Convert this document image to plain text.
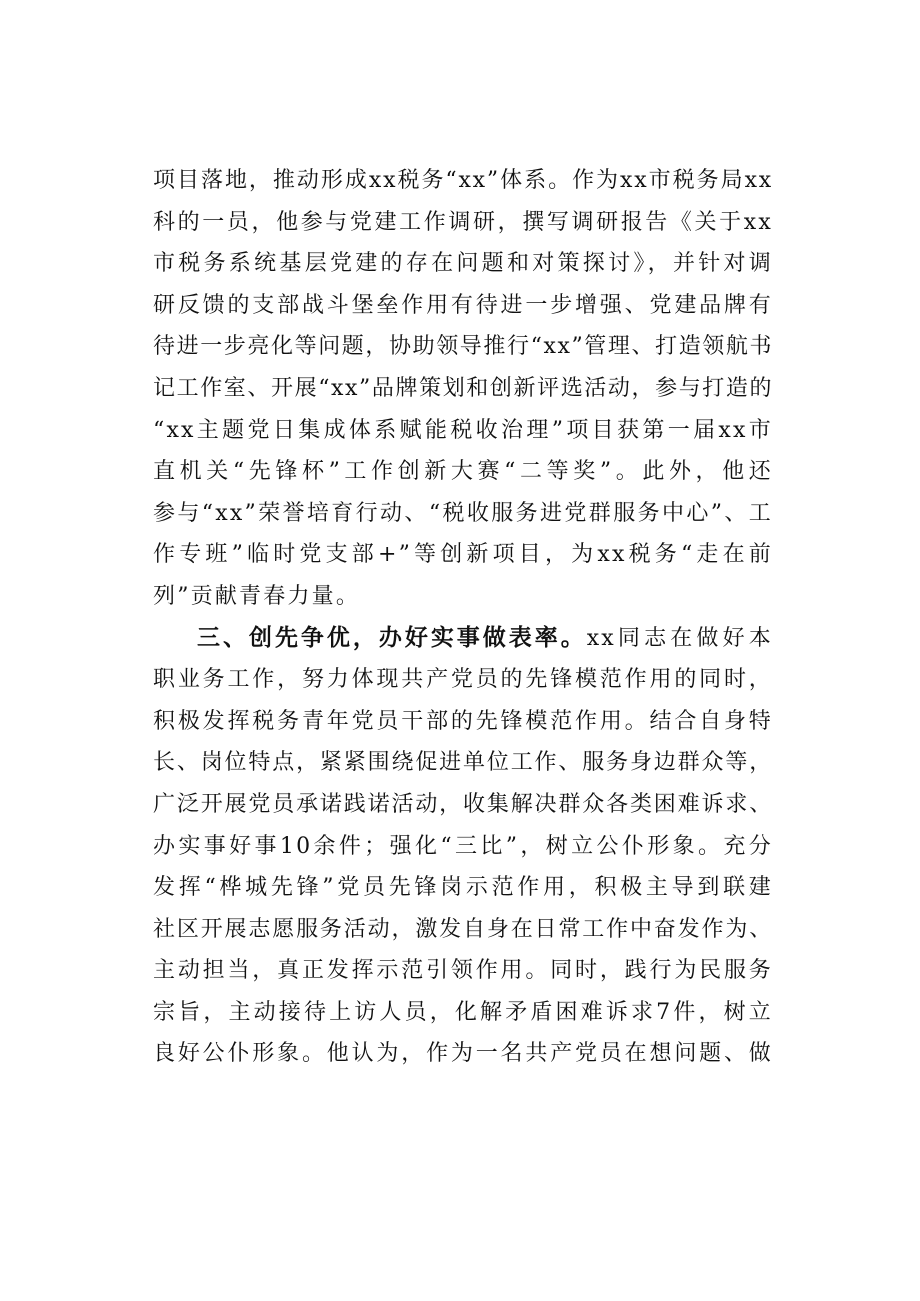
项目落地，推动形成xx税务“xx”体系。作为xx市税务局xx
科的一员，他参与党建工作调研，撰写调研报告《关于xx
市税务系统基层党建的存在问题和对策探讨》，并针对调
研反馈的支部战斗堡垒作用有待进一步增强、党建品牌有
待进一步亮化等问题，协助领导推行“xx”管理、打造领航书
记工作室、开展“xx”品牌策划和创新评选活动，参与打造的
“xx主题党日集成体系赋能税收治理”项目获第一届xx市
直机关“先锋杯”工作创新大赛“二等奖”。此外，他还
参与“xx”荣誉培育行动、“税收服务进党群服务中心”、工
作专班”临时党支部+”等创新项目，为xx税务“走在前
列”贡献青春力量。
三、创先争优，办好实事做表率。xx同志在做好本
职业务工作，努力体现共产党员的先锋模范作用的同时，
积极发挥税务青年党员干部的先锋模范作用。结合自身特
长、岗位特点，紧紧围绕促进单位工作、服务身边群众等，
广泛开展党员承诺践诺活动，收集解决群众各类困难诉求、
办实事好事10余件；强化“三比”，树立公仆形象。充分
发挥“桦城先锋”党员先锋岗示范作用，积极主导到联建
社区开展志愿服务活动，激发自身在日常工作中奋发作为、
主动担当，真正发挥示范引领作用。同时，践行为民服务
宗旨，主动接待上访人员，化解矛盾困难诉求7件，树立
良好公仆形象。他认为，作为一名共产党员在想问题、做
